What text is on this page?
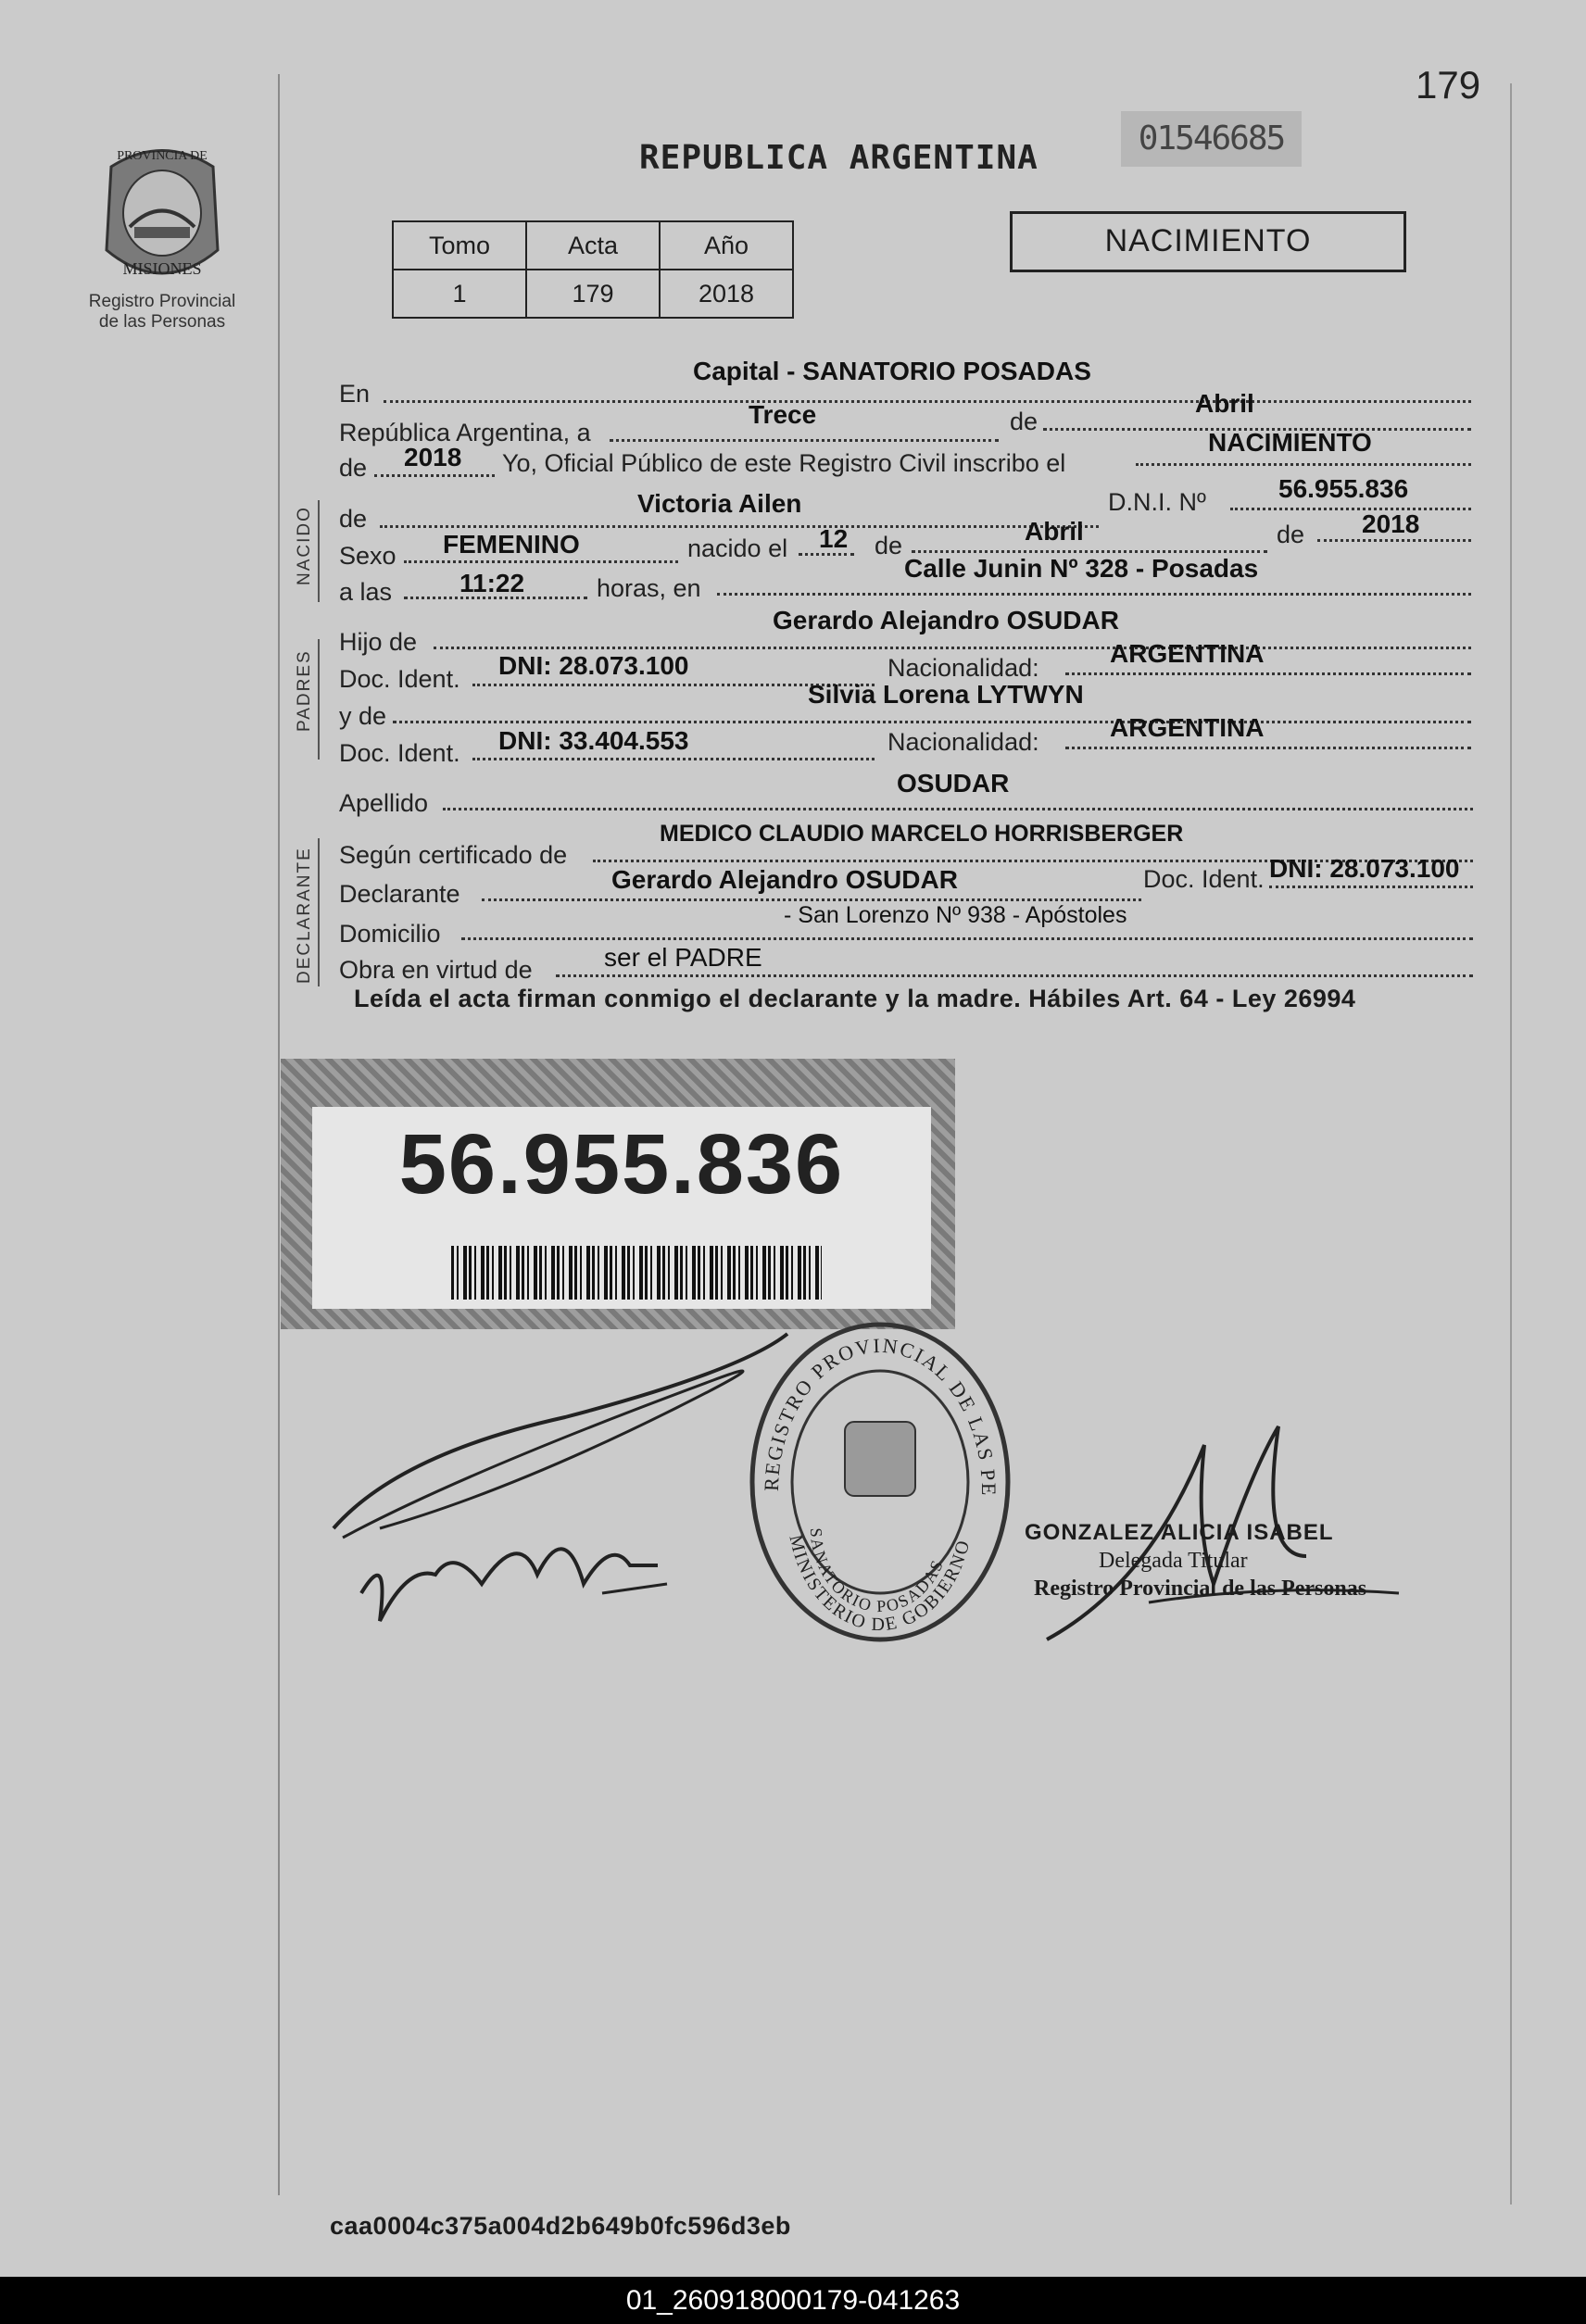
179
PROVINCIA DE
MISIONES
Registro Provincial
de las Personas
REPUBLICA ARGENTINA
01546685
Tomo	Acta	Año
1	179	2018
NACIMIENTO
NACIDO
PADRES
DECLARANTE
En
Capital - SANATORIO POSADAS
República Argentina, a
Trece	de
Abril
de 2018 Yo, Oficial Público de este Registro Civil inscribo el
NACIMIENTO
de
Victoria Ailen	D.N.I. Nº	56.955.836
Sexo FEMENINO	nacido el 12 de	Abril	de 2018
a las	11:22	horas, en
Calle Junin Nº 328 - Posadas
Hijo de
Gerardo Alejandro OSUDAR
Doc. Ident. DNI: 28.073.100	Nacionalidad:	ARGENTINA
y de
Silvia Lorena LYTWYN
Doc. Ident. DNI: 33.404.553	Nacionalidad:	ARGENTINA
Apellido
OSUDAR
Según certificado de
MEDICO CLAUDIO MARCELO HORRISBERGER
Declarante	Gerardo Alejandro OSUDAR	Doc. Ident. DNI: 28.073.100
Domicilio
- San Lorenzo Nº 938 - Apóstoles
Obra en virtud de	ser el PADRE
Leída el acta firman conmigo el declarante y la madre. Hábiles Art. 64 - Ley 26994
56.955.836
REGISTRO PROVINCIAL DE LAS PE
SANATORIO POSADAS
MINISTERIO DE GOBIERNO
GONZALEZ ALICIA ISABEL
Delegada Titular
Registro Provincial de las Personas
caa0004c375a004d2b649b0fc596d3eb
01_260918000179-041263
